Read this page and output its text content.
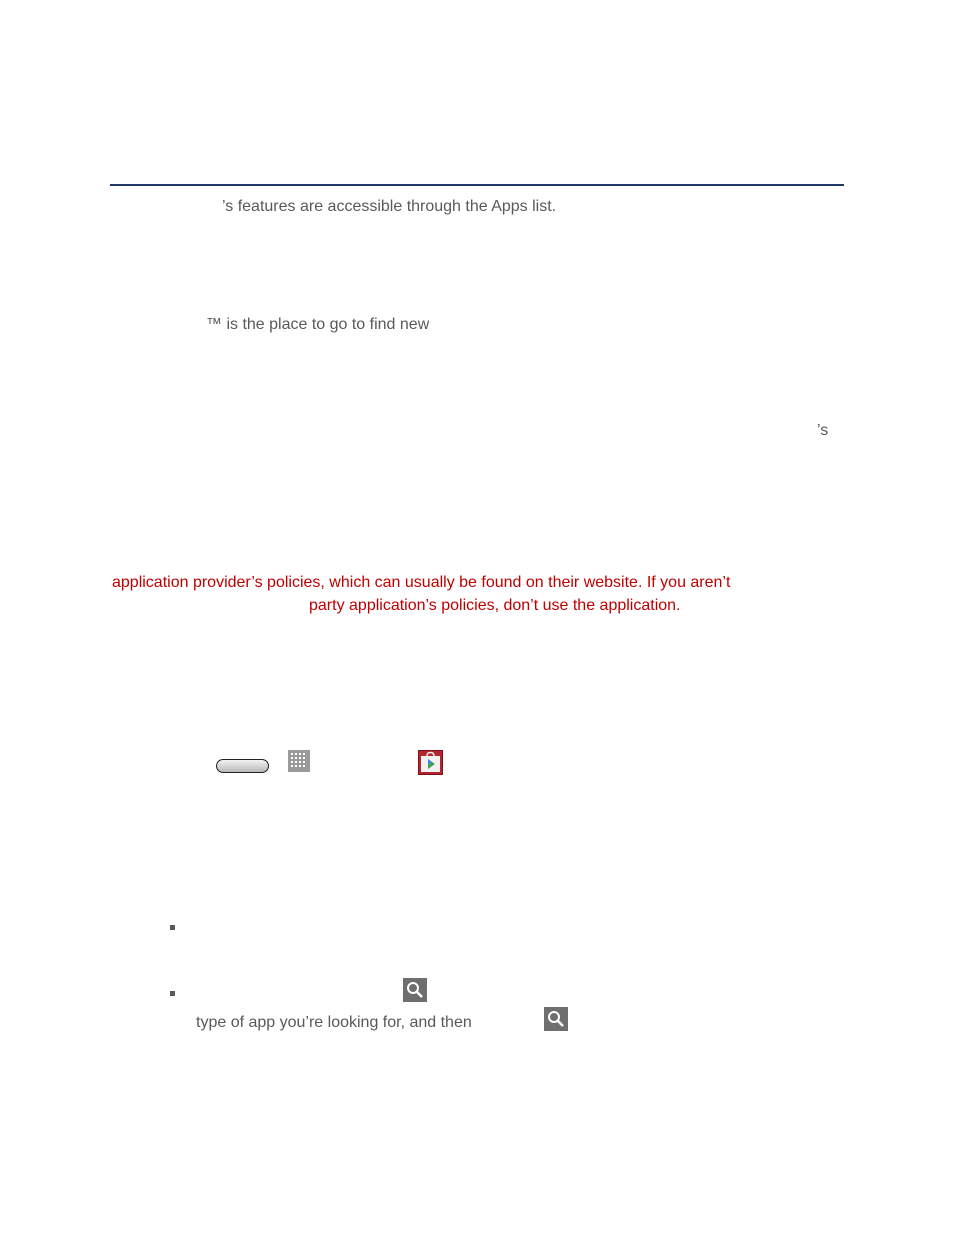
’s features are accessible through the Apps list.
™ is the place to go to find new
’s
application provider’s policies, which can usually be found on their website. If you aren’t
party application’s policies, don’t use the application.
type of app you’re looking for, and then
